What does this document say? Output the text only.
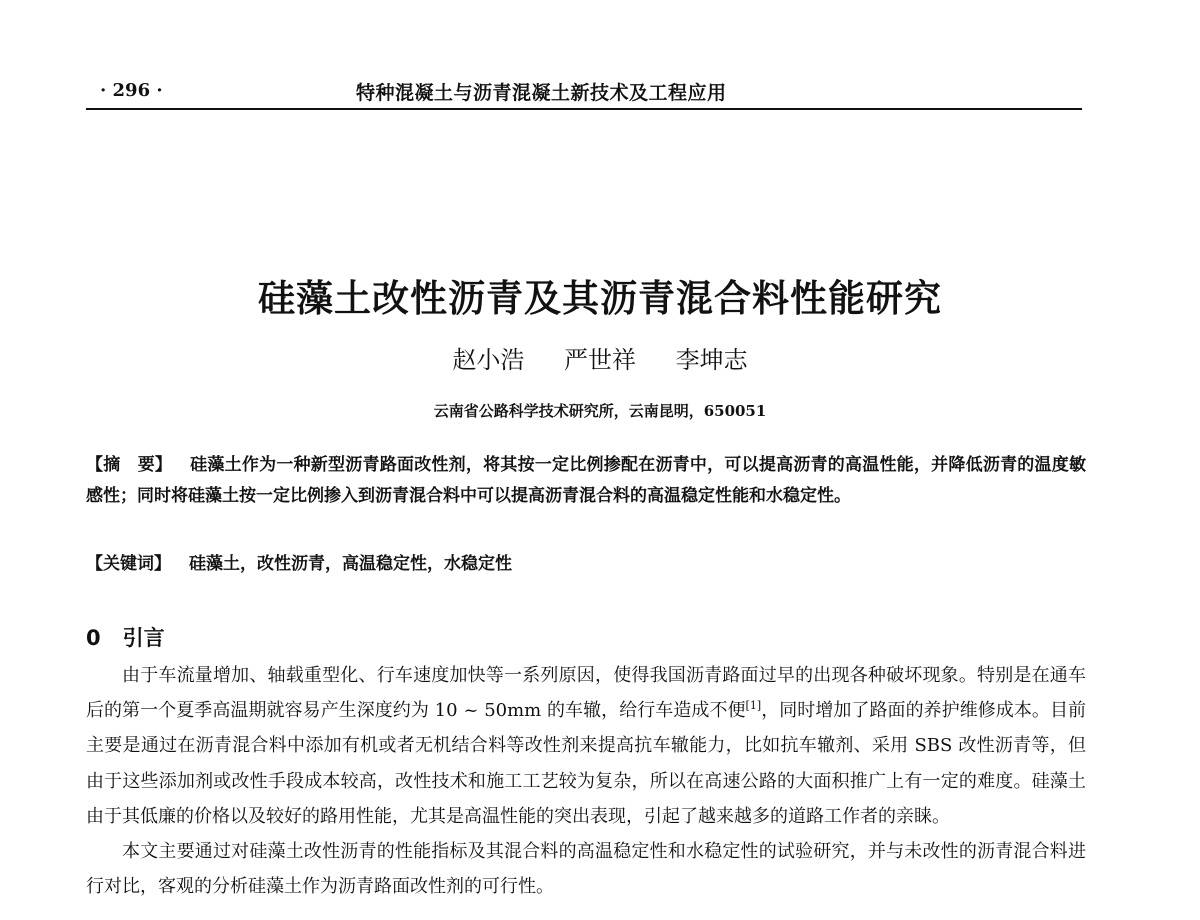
· 296 ·	特种混凝土与沥青混凝土新技术及工程应用
硅藻土改性沥青及其沥青混合料性能研究
赵小浩 严世祥 李坤志
云南省公路科学技术研究所，云南昆明，650051
【摘　要】 硅藻土作为一种新型沥青路面改性剂，将其按一定比例掺配在沥青中，可以提高沥青的高温性能，并降低沥青的温度敏感性；同时将硅藻土按一定比例掺入到沥青混合料中可以提高沥青混合料的高温稳定性能和水稳定性。
【关键词】 硅藻土，改性沥青，高温稳定性，水稳定性
0 引言

由于车流量增加、轴载重型化、行车速度加快等一系列原因，使得我国沥青路面过早的出现各种破坏现象。特别是在通车后的第一个夏季高温期就容易产生深度约为 10 ~ 50mm 的车辙，给行车造成不便[1]，同时增加了路面的养护维修成本。目前主要是通过在沥青混合料中添加有机或者无机结合料等改性剂来提高抗车辙能力，比如抗车辙剂、采用 SBS 改性沥青等，但由于这些添加剂或改性手段成本较高，改性技术和施工工艺较为复杂，所以在高速公路的大面积推广上有一定的难度。硅藻土由于其低廉的价格以及较好的路用性能，尤其是高温性能的突出表现，引起了越来越多的道路工作者的亲睐。

本文主要通过对硅藻土改性沥青的性能指标及其混合料的高温稳定性和水稳定性的试验研究，并与未改性的沥青混合料进行对比，客观的分析硅藻土作为沥青路面改性剂的可行性。
